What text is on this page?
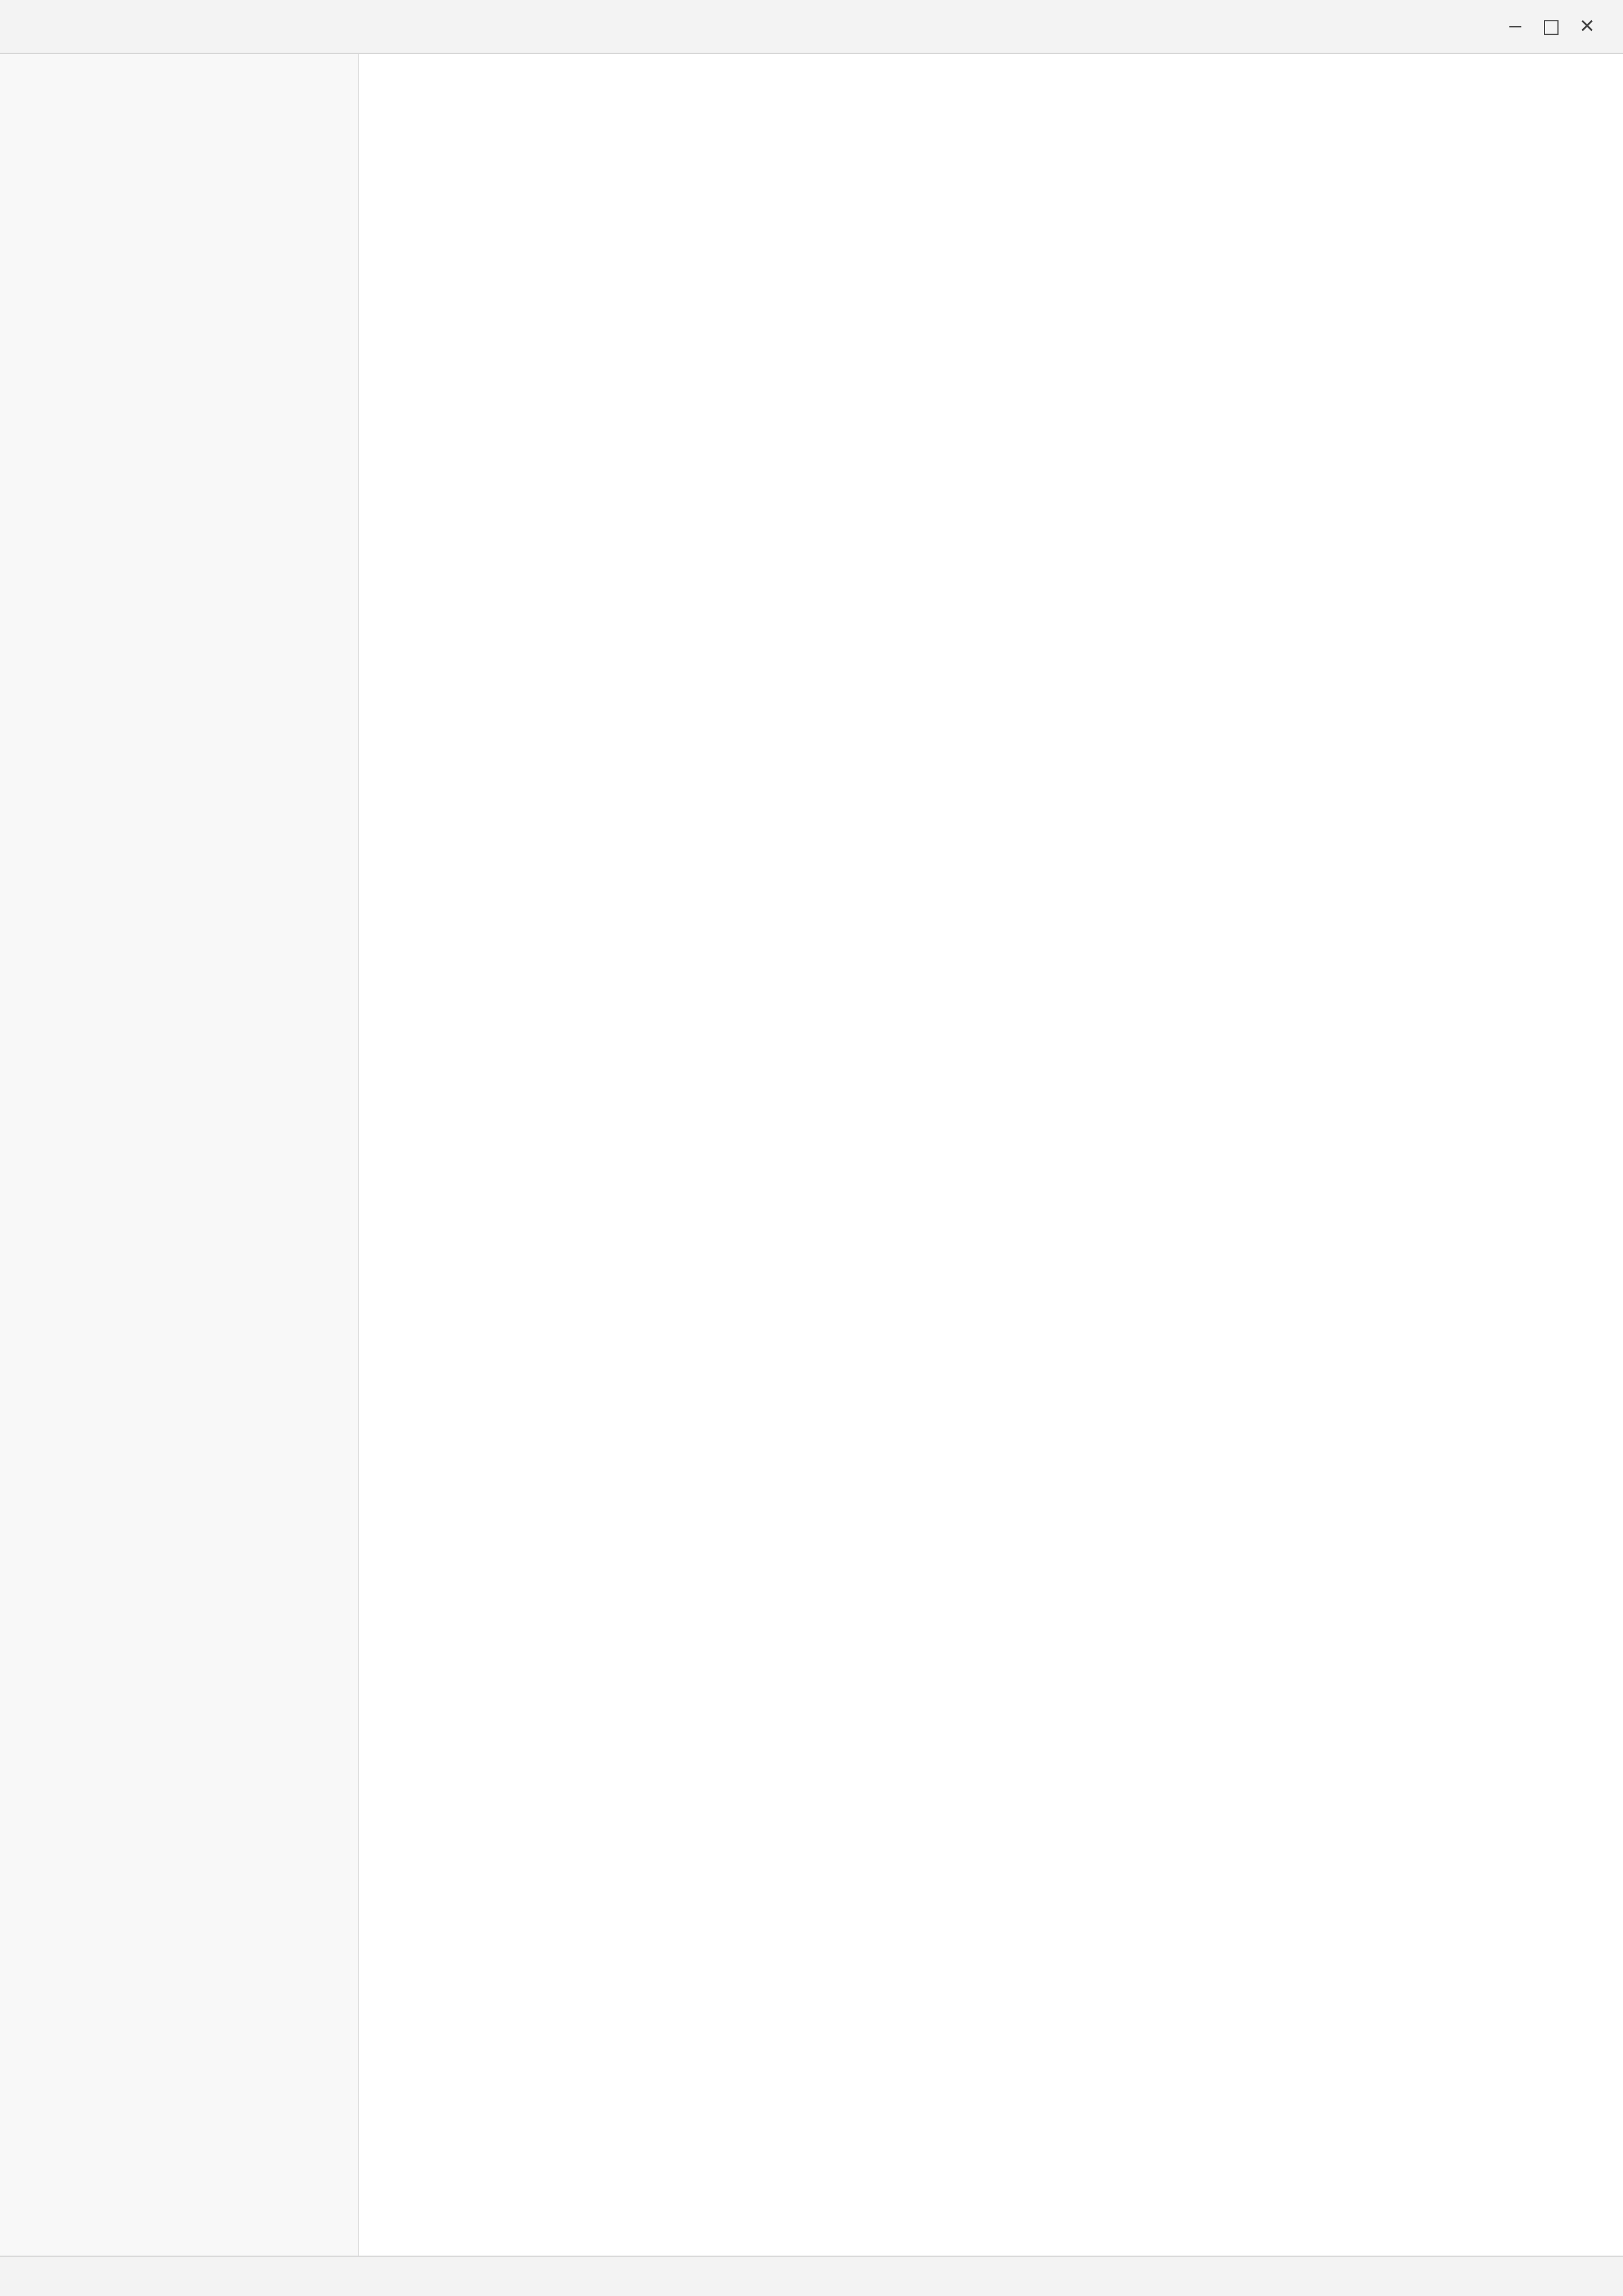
− □ ✕
